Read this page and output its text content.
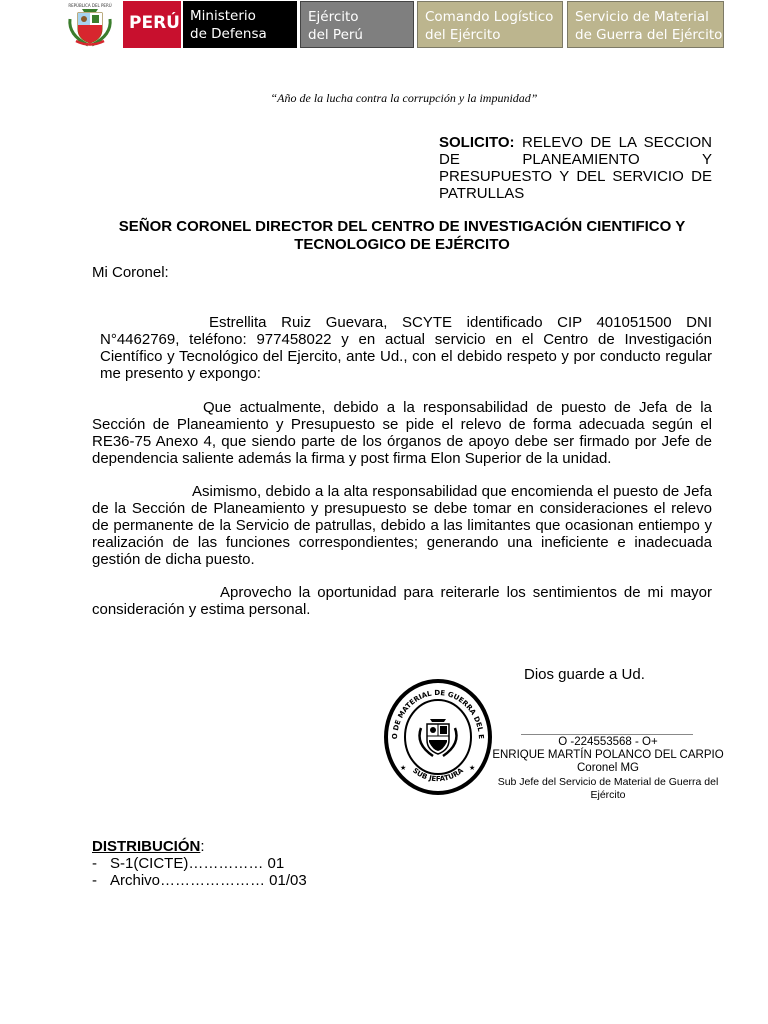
REPÚBLICA DEL PERÚ
PERÚ Ministerio
de Defensa
Ejército
del Perú
Comando Logístico
del Ejército
Servicio de Material
de Guerra del Ejército
“Año de la lucha contra la corrupción y la impunidad”
SOLICITO: RELEVO DE LA SECCION DE PLANEAMIENTO Y PRESUPUESTO Y DEL SERVICIO DE PATRULLAS
SEÑOR CORONEL DIRECTOR DEL CENTRO DE INVESTIGACIÓN CIENTIFICO Y TECNOLOGICO DE EJÉRCITO
Mi Coronel:
Estrellita Ruiz Guevara, SCYTE identificado CIP 401051500 DNI N°4462769, teléfono: 977458022 y en actual servicio en el Centro de Investigación Científico y Tecnológico del Ejercito, ante Ud., con el debido respeto y por conducto regular me presento y expongo:
Que actualmente, debido a la responsabilidad de puesto de Jefa de la Sección de Planeamiento y Presupuesto se pide el relevo de forma adecuada según el RE36-75 Anexo 4, que siendo parte de los órganos de apoyo debe ser firmado por Jefe de dependencia saliente además la firma y post firma Elon Superior de la unidad.
Asimismo, debido a la alta responsabilidad que encomienda el puesto de Jefa de la Sección de Planeamiento y presupuesto se debe tomar en consideraciones el relevo de permanente de la Servicio de patrullas, debido a las limitantes que ocasionan entiempo y realización de las funciones correspondientes; generando una ineficiente e inadecuada gestión de dicha puesto.
Aprovecho la oportunidad para reiterarle los sentimientos de mi mayor consideración y estima personal.
Dios guarde a Ud.
O DE MATERIAL DE GUERRA DEL E
SUB JEFATURA
★	★
O -224553568 - O+
ENRIQUE MARTÍN POLANCO DEL CARPIO
Coronel MG
Sub Jefe del Servicio de Material de Guerra del Ejército
DISTRIBUCIÓN:
- S-1(CICTE)…………… 01
- Archivo………………… 01/03
